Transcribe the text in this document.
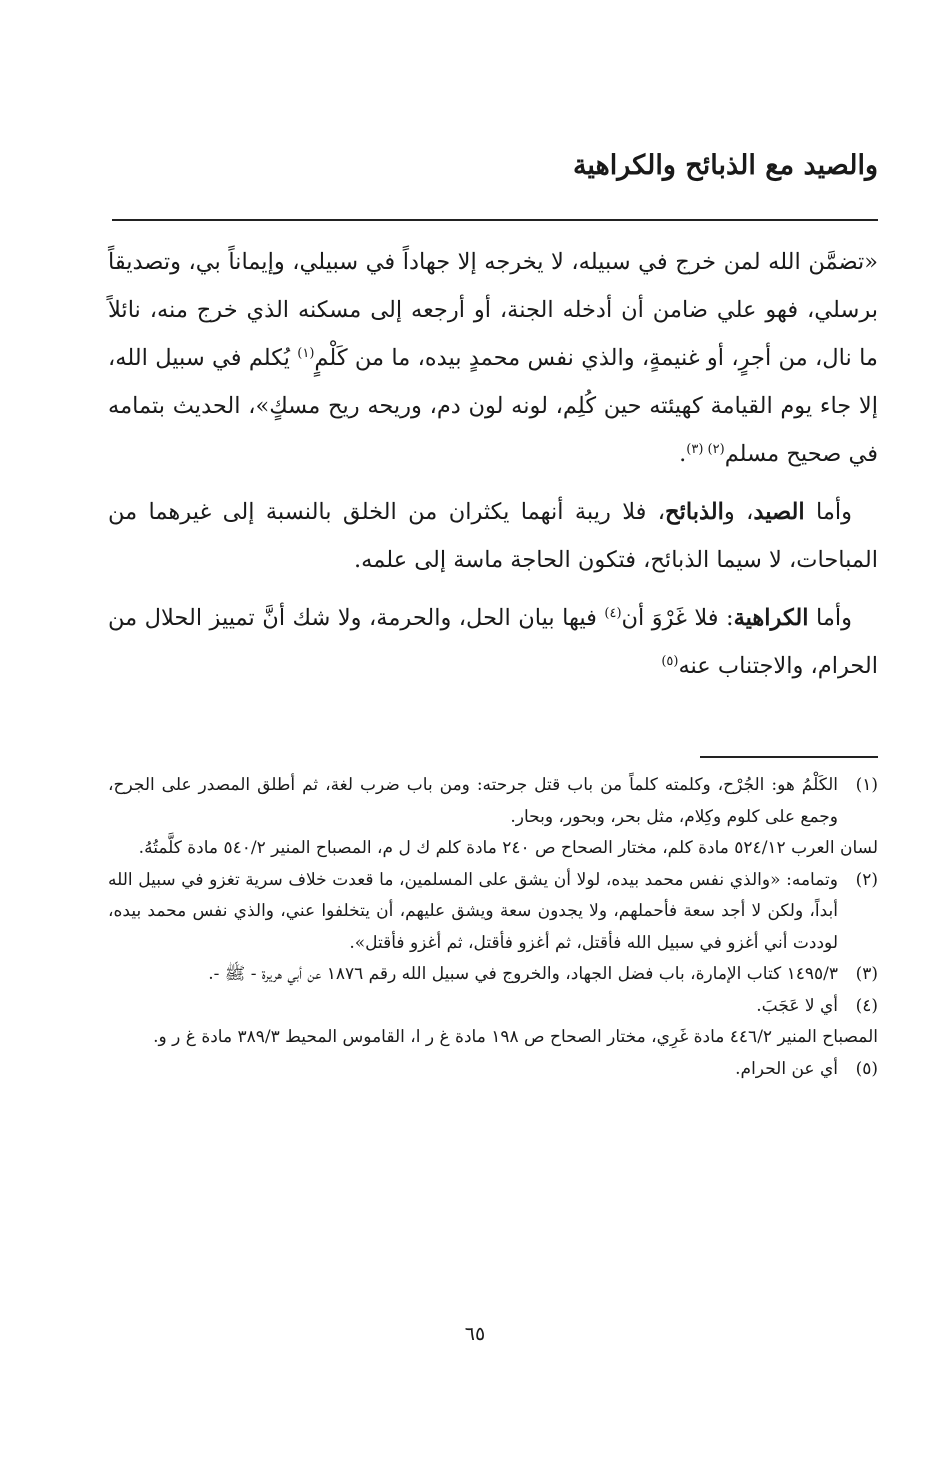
والصيد مع الذبائح والكراهية

«تضمَّن الله لمن خرج في سبيله، لا يخرجه إلا جهاداً في سبيلي، وإيماناً بي، وتصديقاً برسلي، فهو علي ضامن أن أدخله الجنة، أو أرجعه إلى مسكنه الذي خرج منه، نائلاً ما نال، من أجرٍ، أو غنيمةٍ، والذي نفس محمدٍ بيده، ما من كَلْمٍ$^{(١)}$ يُكلم في سبيل الله، إلا جاء يوم القيامة كهيئته حين كُلِم، لونه لون دم، وريحه ريح مسكٍ»، الحديث بتمامه في صحيح مسلم$^{(٢) (٣)}$.

وأما الصيد، والذبائح، فلا ريبة أنهما يكثران من الخلق بالنسبة إلى غيرهما من المباحات، لا سيما الذبائح، فتكون الحاجة ماسة إلى علمه.

وأما الكراهية: فلا غَرْوَ أن$^{(٤)}$ فيها بيان الحل، والحرمة، ولا شك أنَّ تمييز الحلال من الحرام، والاجتناب عنه$^{(٥)}$

(١)
الكَلْمُ هو: الجُرْح، وكلمته كلماً من باب قتل جرحته: ومن باب ضرب لغة، ثم أطلق المصدر على الجرح، وجمع على كلوم وكِلام، مثل بحر، وبحور، وبحار.
لسان العرب ٥٢٤/١٢ مادة كلم، مختار الصحاح ص ٢٤٠ مادة كلم ك ل م، المصباح المنير ٥٤٠/٢ مادة كلَّمتُهُ.
(٢)
وتمامه: «والذي نفس محمد بيده، لولا أن يشق على المسلمين، ما قعدت خلاف سرية تغزو في سبيل الله أبداً، ولكن لا أجد سعة فأحملهم، ولا يجدون سعة ويشق عليهم، أن يتخلفوا عني، والذي نفس محمد بيده، لوددت أني أغزو في سبيل الله فأقتل، ثم أغزو فأقتل، ثم أغزو فأقتل».
(٣)
١٤٩٥/٣ كتاب الإمارة، باب فضل الجهاد، والخروج في سبيل الله رقم ١٨٧٦ عن أبي هريرة - ﷺ -.
(٤)
أي لا عَجَبَ.
المصباح المنير ٤٤٦/٢ مادة غَرِي، مختار الصحاح ص ١٩٨ مادة غ ر ا، القاموس المحيط ٣٨٩/٣ مادة غ ر و.
(٥)
أي عن الحرام.
٦٥
